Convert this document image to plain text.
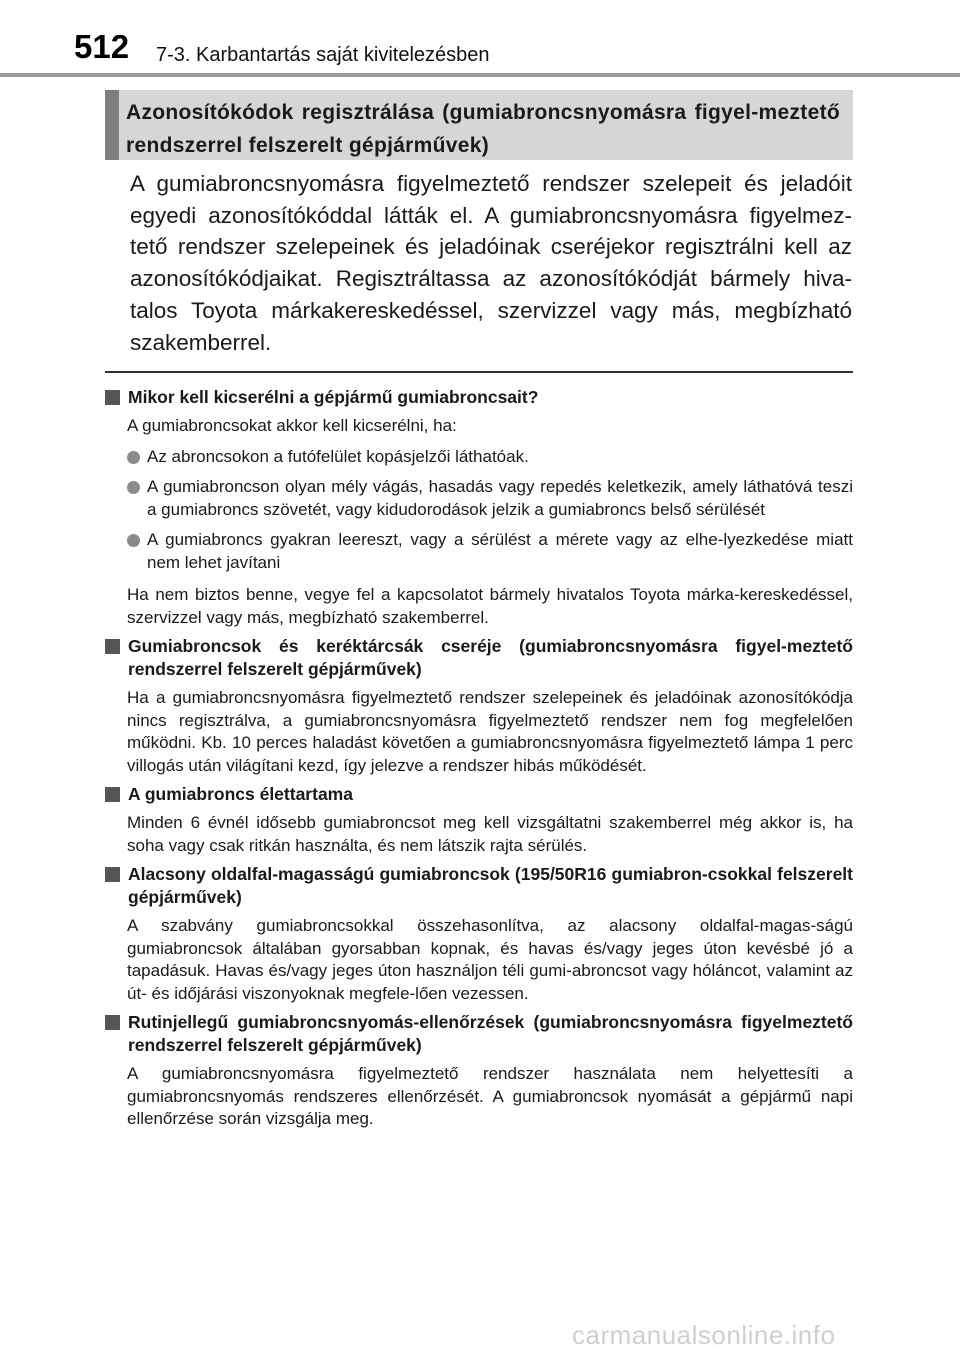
512 7-3. Karbantartás saját kivitelezésben
Azonosítókódok regisztrálása (gumiabroncsnyomásra figyel-meztető rendszerrel felszerelt gépjárművek)
A gumiabroncsnyomásra figyelmeztető rendszer szelepeit és jeladóit egyedi azonosítókóddal látták el. A gumiabroncsnyomásra figyelmez-tető rendszer szelepeinek és jeladóinak cseréjekor regisztrálni kell az azonosítókódjaikat. Regisztráltassa az azonosítókódját bármely hiva-talos Toyota márkakereskedéssel, szervizzel vagy más, megbízható szakemberrel.
Mikor kell kicserélni a gépjármű gumiabroncsait?
A gumiabroncsokat akkor kell kicserélni, ha:
Az abroncsokon a futófelület kopásjelzői láthatóak.
A gumiabroncson olyan mély vágás, hasadás vagy repedés keletkezik, amely láthatóvá teszi a gumiabroncs szövetét, vagy kidudorodások jelzik a gumiabroncs belső sérülését
A gumiabroncs gyakran leereszt, vagy a sérülést a mérete vagy az elhe-lyezkedése miatt nem lehet javítani
Ha nem biztos benne, vegye fel a kapcsolatot bármely hivatalos Toyota márka-kereskedéssel, szervizzel vagy más, megbízható szakemberrel.
Gumiabroncsok és keréktárcsák cseréje (gumiabroncsnyomásra figyel-meztető rendszerrel felszerelt gépjárművek)
Ha a gumiabroncsnyomásra figyelmeztető rendszer szelepeinek és jeladóinak azonosítókódja nincs regisztrálva, a gumiabroncsnyomásra figyelmeztető rendszer nem fog megfelelően működni. Kb. 10 perces haladást követően a gumiabroncsnyomásra figyelmeztető lámpa 1 perc villogás után világítani kezd, így jelezve a rendszer hibás működését.
A gumiabroncs élettartama
Minden 6 évnél idősebb gumiabroncsot meg kell vizsgáltatni szakemberrel még akkor is, ha soha vagy csak ritkán használta, és nem látszik rajta sérülés.
Alacsony oldalfal-magasságú gumiabroncsok (195/50R16 gumiabron-csokkal felszerelt gépjárművek)
A szabvány gumiabroncsokkal összehasonlítva, az alacsony oldalfal-magas-ságú gumiabroncsok általában gyorsabban kopnak, és havas és/vagy jeges úton kevésbé jó a tapadásuk. Havas és/vagy jeges úton használjon téli gumi-abroncsot vagy hóláncot, valamint az út- és időjárási viszonyoknak megfele-lően vezessen.
Rutinjellegű gumiabroncsnyomás-ellenőrzések (gumiabroncsnyomásra figyelmeztető rendszerrel felszerelt gépjárművek)
A gumiabroncsnyomásra figyelmeztető rendszer használata nem helyettesíti a gumiabroncsnyomás rendszeres ellenőrzését. A gumiabroncsok nyomását a gépjármű napi ellenőrzése során vizsgálja meg.
carmanualsonline.info
